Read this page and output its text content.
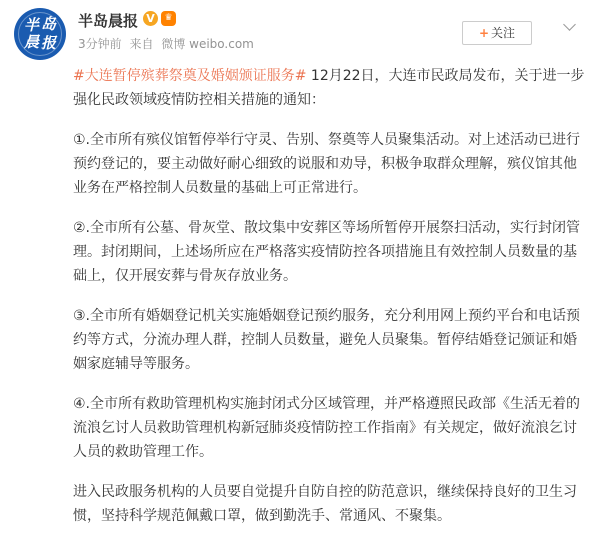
半 岛
晨 报
半岛晨报 V	♛
3分钟前 来自 微博 weibo.com
+ 关注

#大连暂停殡葬祭奠及婚姻颁证服务# 12月22日，大连市民政局发布，关于进一步强化民政领域疫情防控相关措施的通知：

①.全市所有殡仪馆暂停举行守灵、告别、祭奠等人员聚集活动。对上述活动已进行预约登记的，要主动做好耐心细致的说服和劝导，积极争取群众理解，殡仪馆其他业务在严格控制人员数量的基础上可正常进行。

②.全市所有公墓、骨灰堂、散坟集中安葬区等场所暂停开展祭扫活动，实行封闭管理。封闭期间，上述场所应在严格落实疫情防控各项措施且有效控制人员数量的基础上，仅开展安葬与骨灰存放业务。

③.全市所有婚姻登记机关实施婚姻登记预约服务，充分利用网上预约平台和电话预约等方式，分流办理人群，控制人员数量，避免人员聚集。暂停结婚登记颁证和婚姻家庭辅导等服务。

④.全市所有救助管理机构实施封闭式分区域管理，并严格遵照民政部《生活无着的流浪乞讨人员救助管理机构新冠肺炎疫情防控工作指南》有关规定，做好流浪乞讨人员的救助管理工作。

进入民政服务机构的人员要自觉提升自防自控的防范意识，继续保持良好的卫生习惯，坚持科学规范佩戴口罩，做到勤洗手、常通风、不聚集。
